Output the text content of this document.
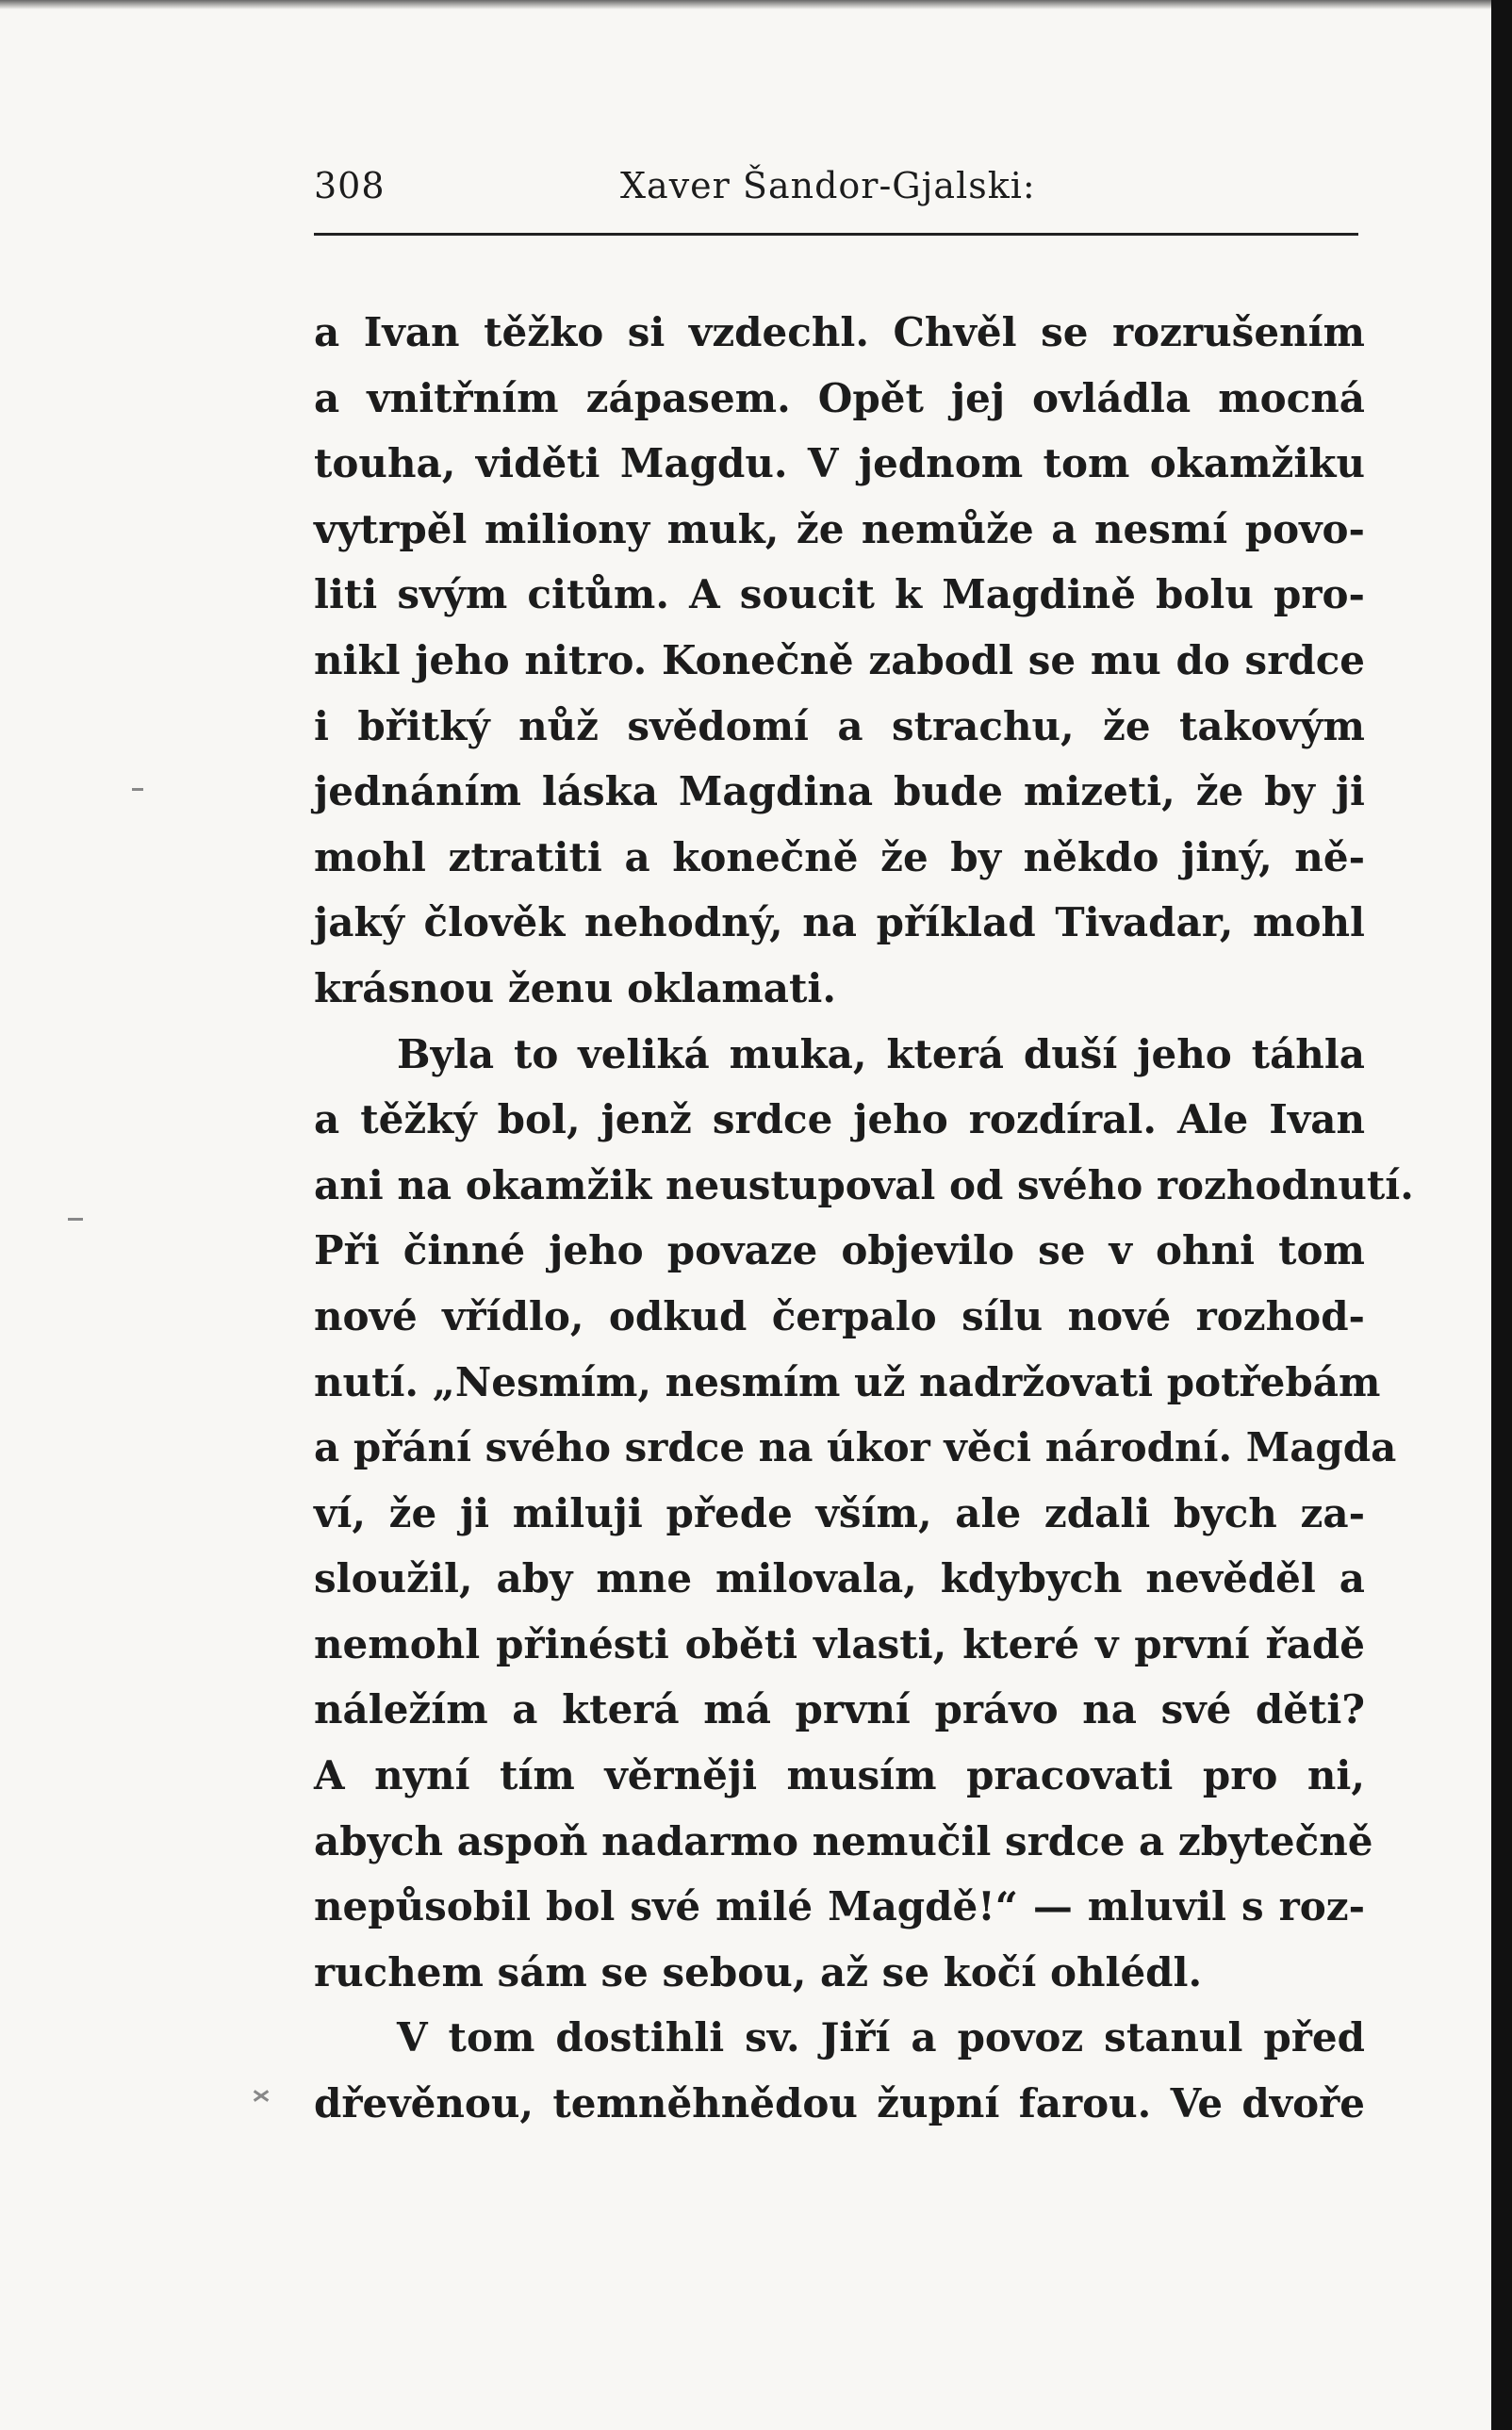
308	Xaver Šandor-Gjalski:
a Ivan těžko si vzdechl. Chvěl se rozrušením
a vnitřním zápasem. Opět jej ovládla mocná
touha, viděti Magdu. V jednom tom okamžiku
vytrpěl miliony muk, že nemůže a nesmí povo-
liti svým citům. A soucit k Magdině bolu pro-
nikl jeho nitro. Konečně zabodl se mu do srdce
i břitký nůž svědomí a strachu, že takovým
jednáním láska Magdina bude mizeti, že by ji
mohl ztratiti a konečně že by někdo jiný, ně-
jaký člověk nehodný, na příklad Tivadar, mohl
krásnou ženu oklamati.
Byla to veliká muka, která duší jeho táhla
a těžký bol, jenž srdce jeho rozdíral. Ale Ivan
ani na okamžik neustupoval od svého rozhodnutí.
Při činné jeho povaze objevilo se v ohni tom
nové vřídlo, odkud čerpalo sílu nové rozhod-
nutí. „Nesmím, nesmím už nadržovati potřebám
a přání svého srdce na úkor věci národní. Magda
ví, že ji miluji přede vším, ale zdali bych za-
sloužil, aby mne milovala, kdybych nevěděl a
nemohl přinésti oběti vlasti, které v první řadě
náležím a která má první právo na své děti?
A nyní tím věrněji musím pracovati pro ni,
abych aspoň nadarmo nemučil srdce a zbytečně
nepůsobil bol své milé Magdě!“ — mluvil s roz-
ruchem sám se sebou, až se kočí ohlédl.
V tom dostihli sv. Jiří a povoz stanul před
dřevěnou, temněhnědou župní farou. Ve dvoře
